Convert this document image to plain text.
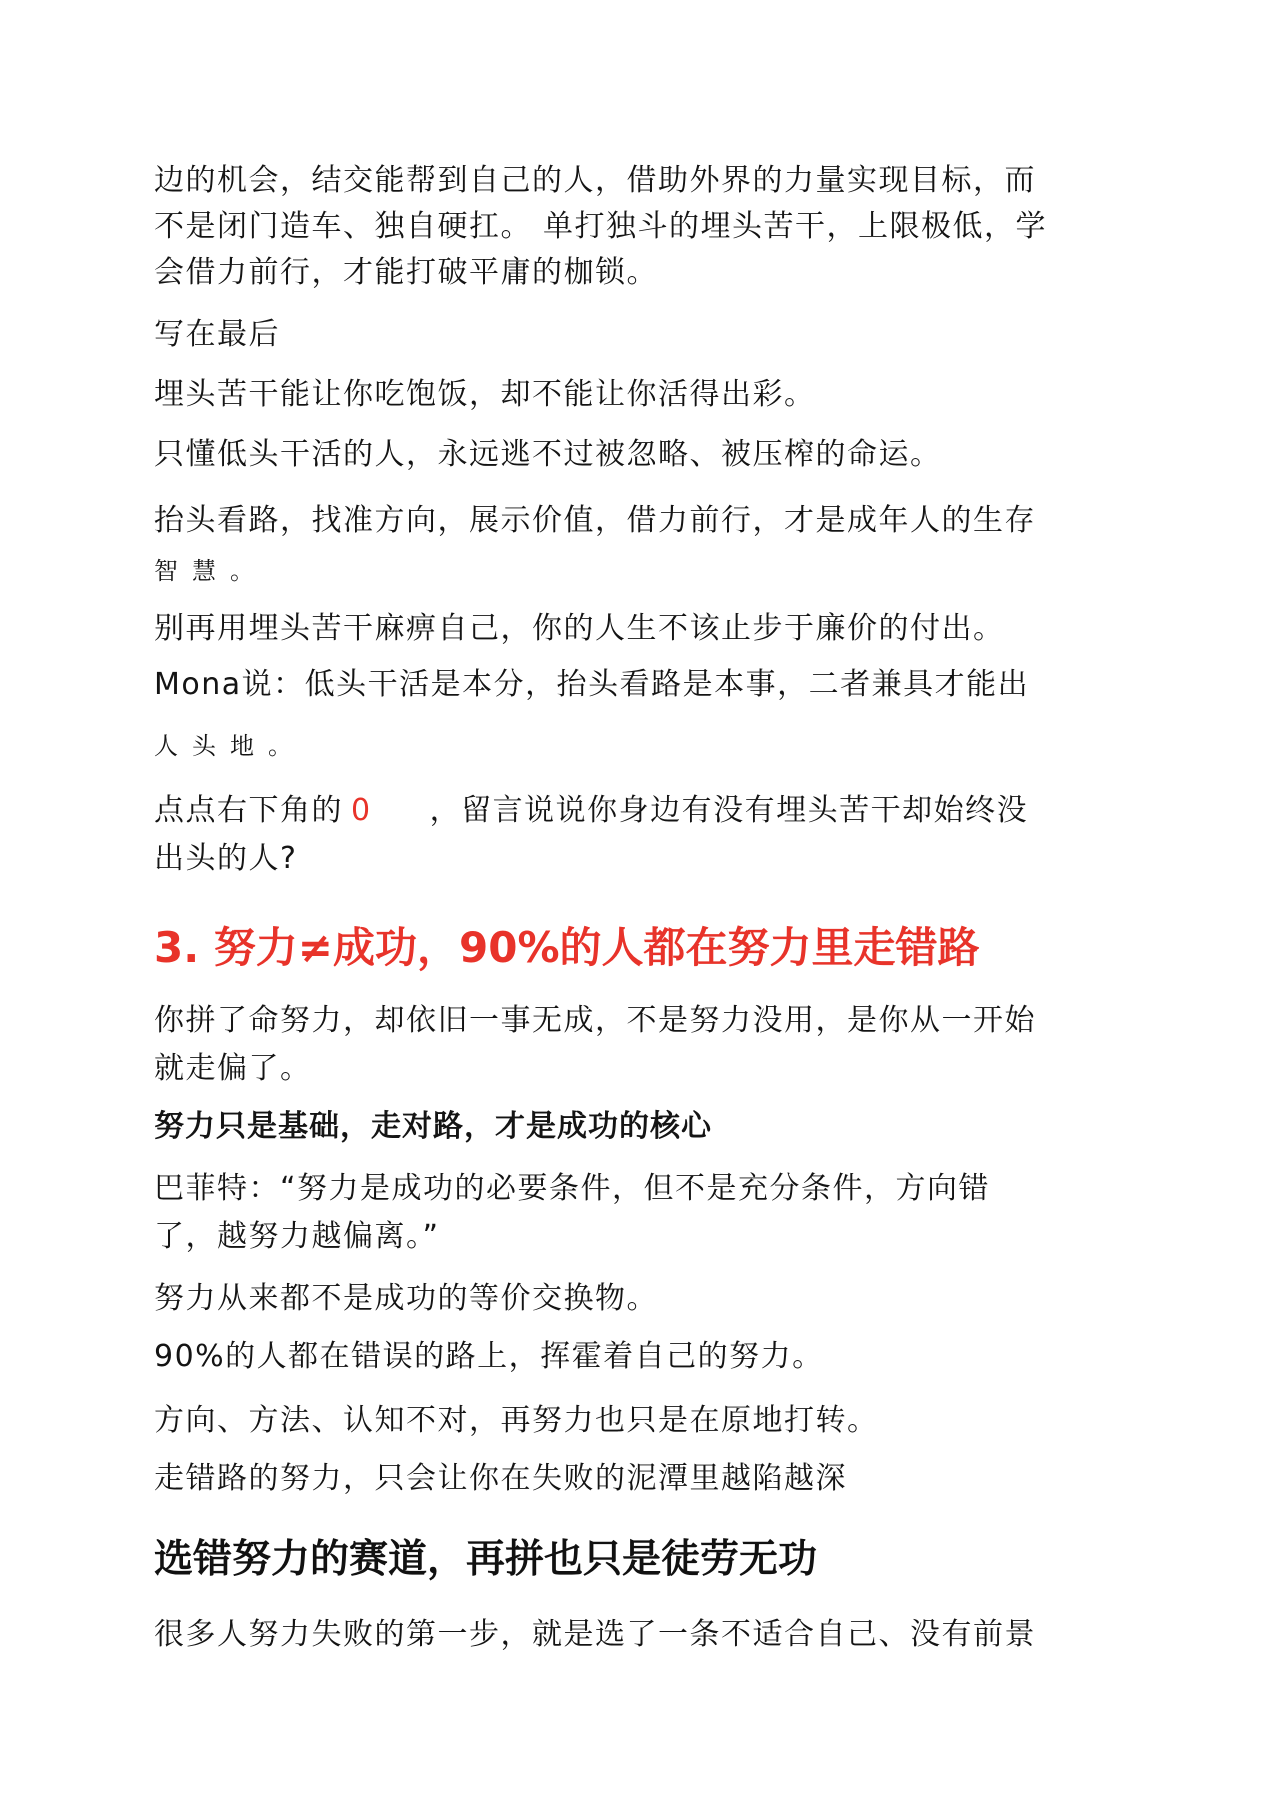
边的机会，结交能帮到自己的人，借助外界的力量实现目标，而

不是闭门造车、独自硬扛。 单打独斗的埋头苦干，上限极低，学

会借力前行，才能打破平庸的枷锁。

写在最后

埋头苦干能让你吃饱饭，却不能让你活得出彩。

只懂低头干活的人，永远逃不过被忽略、被压榨的命运。

抬头看路，找准方向，展示价值，借力前行，才是成年人的生存

智慧。

别再用埋头苦干麻痹自己，你的人生不该止步于廉价的付出。

Mona说：低头干活是本分，抬头看路是本事，二者兼具才能出

人头地。

点点右下角的 0 ，留言说说你身边有没有埋头苦干却始终没

出头的人?

3. 努力≠成功，90%的人都在努力里走错路

你拼了命努力，却依旧一事无成，不是努力没用，是你从一开始

就走偏了。

努力只是基础，走对路，才是成功的核心

巴菲特：“努力是成功的必要条件，但不是充分条件，方向错

了，越努力越偏离。”

努力从来都不是成功的等价交换物。

90%的人都在错误的路上，挥霍着自己的努力。

方向、方法、认知不对，再努力也只是在原地打转。

走错路的努力，只会让你在失败的泥潭里越陷越深

选错努力的赛道，再拼也只是徒劳无功

很多人努力失败的第一步，就是选了一条不适合自己、没有前景
